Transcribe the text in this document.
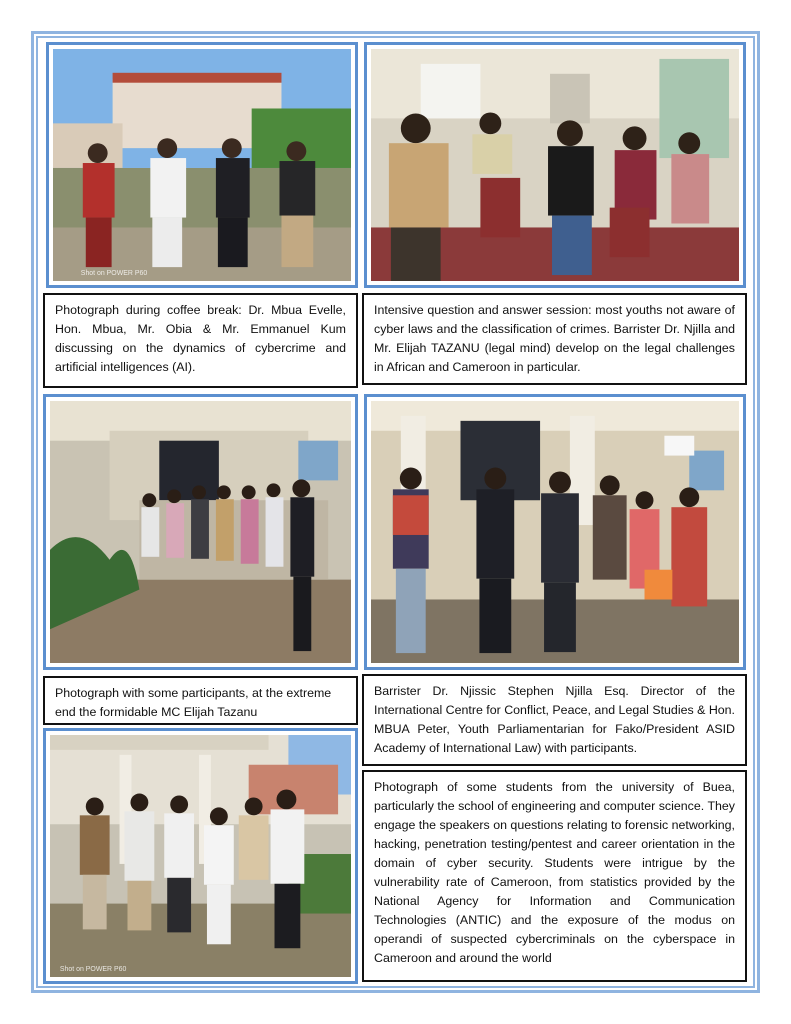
Shot on POWER P60
Photograph during coffee break: Dr. Mbua Evelle, Hon. Mbua, Mr. Obia & Mr. Emmanuel Kum discussing on the dynamics of cybercrime and artificial intelligences (AI).
Intensive question and answer session: most youths not aware of cyber laws and the classification of crimes. Barrister Dr. Njilla and Mr. Elijah TAZANU (legal mind) develop on the legal challenges in African and Cameroon in particular.
Photograph with some participants, at the extreme end the formidable MC Elijah Tazanu
Barrister Dr. Njissic Stephen Njilla Esq. Director of the International Centre for Conflict, Peace, and Legal Studies & Hon. MBUA Peter, Youth Parliamentarian for Fako/President ASID Academy of International Law) with participants.
Shot on POWER P60
Photograph of some students from the university of Buea, particularly the school of engineering and computer science. They engage the speakers on questions relating to forensic networking, hacking, penetration testing/pentest and career orientation in the domain of cyber security. Students were intrigue by the vulnerability rate of Cameroon, from statistics provided by the National Agency for Information and Communication Technologies (ANTIC) and the exposure of the modus on operandi of suspected cybercriminals on the cyberspace in Cameroon and around the world
